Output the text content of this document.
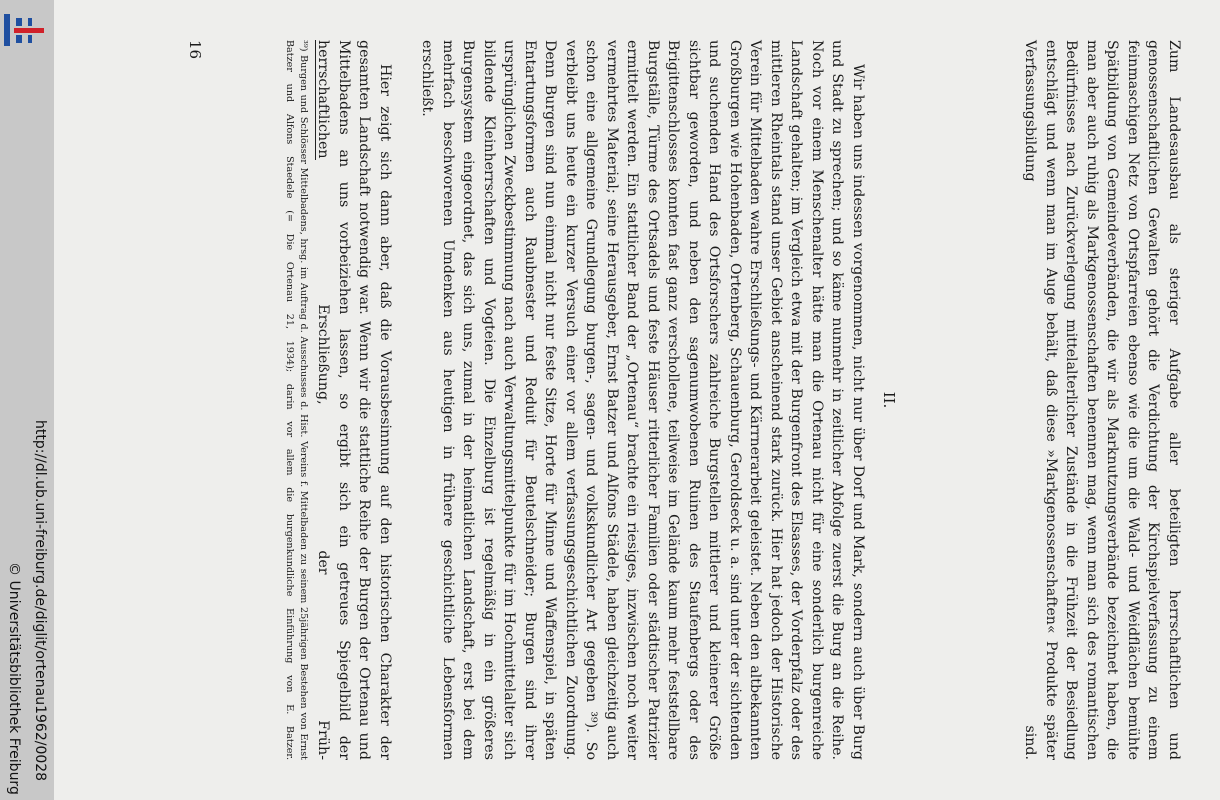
http://dl.ub.uni-freiburg.de/diglit/ortenau1962/0028
© Universitätsbibliothek Freiburg	Zum Landesausbau als steriger Aufgabe aller beteiligten herrschaftlichen und genossenschaftlichen Gewalten gehört die Verdichtung der Kirchspielverfassung zu einem feinmaschigen Netz von Ortspfarreien ebenso wie die um die Wald- und Weidflächen bemühte Spätbildung von Gemeindeverbänden, die wir als Marknutzungsverbände bezeichnet haben, die man aber auch ruhig als Markgenossenschaften benennen mag, wenn man sich des romantischen Bedürfnisses nach Zurückverlegung mittelalterlicher Zustände in die Frühzeit der Besiedlung entschlägt und wenn man im Auge behält, daß diese »Markgenossenschaften« Produkte später Verfassungsbildung sind.

II.

Wir haben uns indessen vorgenommen, nicht nur über Dorf und Mark, sondern auch über Burg und Stadt zu sprechen; und so käme nunmehr in zeitlicher Abfolge zuerst die Burg an die Reihe. Noch vor einem Menschenalter hätte man die Ortenau nicht für eine sonderlich burgenreiche Landschaft gehalten; im Vergleich etwa mit der Burgenfront des Elsasses, der Vorderpfalz oder des mittleren Rheintals stand unser Gebiet anscheinend stark zurück. Hier hat jedoch der Historische Verein für Mittelbaden wahre Erschließungs- und Kärrnerarbeit geleistet. Neben den altbekannten Großburgen wie Hohenbaden, Ortenberg, Schauenburg, Geroldseck u. a. sind unter der sichtenden und suchenden Hand des Ortsforschers zahlreiche Burgstellen mittlerer und kleinerer Größe sichtbar geworden, und neben den sagenumwobenen Ruinen des Staufenbergs oder des Brigittenschlosses konnten fast ganz verschollene, teilweise im Gelände kaum mehr feststellbare Burgställe, Türme des Ortsadels und feste Häuser ritterlicher Familien oder städtischer Patrizier ermittelt werden. Ein stattlicher Band der „Ortenau“ brachte ein riesiges, inzwischen noch weiter vermehrtes Material; seine Herausgeber, Ernst Batzer und Alfons Städele, haben gleichzeitig auch schon eine allgemeine Grundlegung burgen-, sagen- und volkskundlicher Art gegeben ³⁹). So verbleibt uns heute ein kurzer Versuch einer vor allem verfassungsgeschichtlichen Zuordnung. Denn Burgen sind nun einmal nicht nur feste Sitze, Horte für Minne und Waffenspiel, in späten Entartungsformen auch Raubnester und Reduit für Beutelschneider; Burgen sind ihrer ursprünglichen Zweckbestimmung nach auch Verwaltungsmittelpunkte für im Hochmittelalter sich bildende Kleinherrschaften und Vogteien. Die Einzelburg ist regelmäßig in ein größeres Burgensystem eingeordnet, das sich uns, zumal in der heimatlichen Landschaft, erst bei dem mehrfach beschworenen Umdenken aus heutigen in frühere geschichtliche Lebensformen erschließt.

Hier zeigt sich dann aber, daß die Vorausbesinnung auf den historischen Charakter der gesamten Landschaft notwendig war. Wenn wir die stattliche Reihe der Burgen der Ortenau und Mittelbadens an uns vorbeiziehen lassen, so ergibt sich ein getreues Spiegelbild der herrschaftlichen Erschließung, der Früh-

³⁹) Burgen und Schlösser Mittelbadens, hrsg. im Auftrag d. Ausschusses d. Hist. Vereins f. Mittelbaden zu seinem 25jährigen Bestehen von Ernst Batzer und Alfons Staedele (= Die Ortenau 21, 1934); darin vor allem die burgenkundliche Einführung von E. Batzer.

16
